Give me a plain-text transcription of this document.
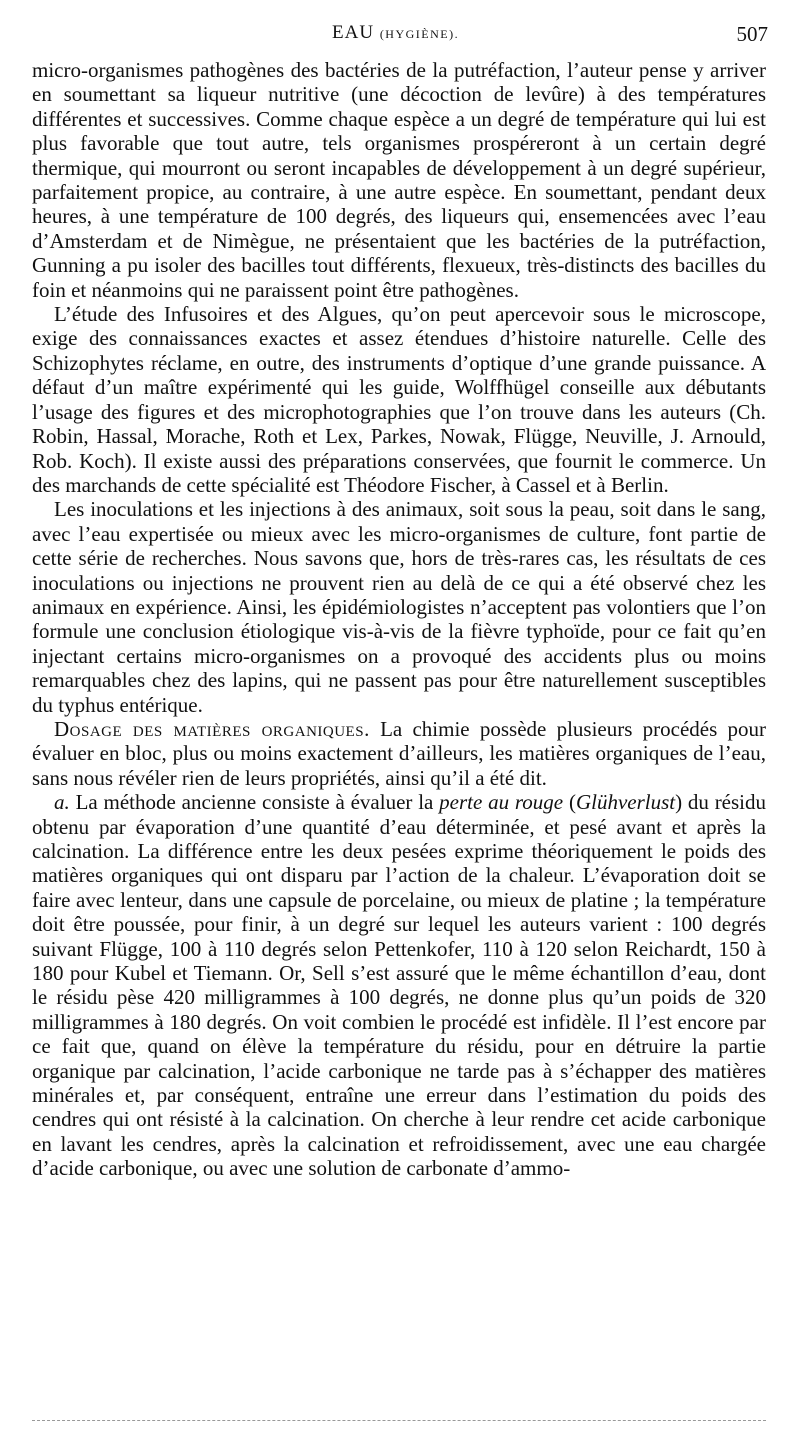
EAU (HYGIÈNE).	507

micro-organismes pathogènes des bactéries de la putréfaction, l’auteur pense y arriver en soumettant sa liqueur nutritive (une décoction de levûre) à des températures différentes et successives. Comme chaque espèce a un degré de température qui lui est plus favorable que tout autre, tels organismes prospéreront à un certain degré thermique, qui mourront ou seront incapables de développement à un degré supérieur, parfaitement propice, au contraire, à une autre espèce. En soumettant, pendant deux heures, à une température de 100 degrés, des liqueurs qui, ensemencées avec l’eau d’Amsterdam et de Nimègue, ne présentaient que les bactéries de la putréfaction, Gunning a pu isoler des bacilles tout différents, flexueux, très-distincts des bacilles du foin et néanmoins qui ne paraissent point être pathogènes.

L’étude des Infusoires et des Algues, qu’on peut apercevoir sous le microscope, exige des connaissances exactes et assez étendues d’histoire naturelle. Celle des Schizophytes réclame, en outre, des instruments d’optique d’une grande puissance. A défaut d’un maître expérimenté qui les guide, Wolffhügel conseille aux débutants l’usage des figures et des microphotographies que l’on trouve dans les auteurs (Ch. Robin, Hassal, Morache, Roth et Lex, Parkes, Nowak, Flügge, Neuville, J. Arnould, Rob. Koch). Il existe aussi des préparations conservées, que fournit le commerce. Un des marchands de cette spécialité est Théodore Fischer, à Cassel et à Berlin.

Les inoculations et les injections à des animaux, soit sous la peau, soit dans le sang, avec l’eau expertisée ou mieux avec les micro-organismes de culture, font partie de cette série de recherches. Nous savons que, hors de très-rares cas, les résultats de ces inoculations ou injections ne prouvent rien au delà de ce qui a été observé chez les animaux en expérience. Ainsi, les épidémiologistes n’acceptent pas volontiers que l’on formule une conclusion étiologique vis-à-vis de la fièvre typhoïde, pour ce fait qu’en injectant certains micro-organismes on a provoqué des accidents plus ou moins remarquables chez des lapins, qui ne passent pas pour être naturellement susceptibles du typhus entérique.

Dosage des matières organiques. La chimie possède plusieurs procédés pour évaluer en bloc, plus ou moins exactement d’ailleurs, les matières organiques de l’eau, sans nous révéler rien de leurs propriétés, ainsi qu’il a été dit.

a. La méthode ancienne consiste à évaluer la perte au rouge (Glühverlust) du résidu obtenu par évaporation d’une quantité d’eau déterminée, et pesé avant et après la calcination. La différence entre les deux pesées exprime théoriquement le poids des matières organiques qui ont disparu par l’action de la chaleur. L’évaporation doit se faire avec lenteur, dans une capsule de porcelaine, ou mieux de platine ; la température doit être poussée, pour finir, à un degré sur lequel les auteurs varient : 100 degrés suivant Flügge, 100 à 110 degrés selon Pettenkofer, 110 à 120 selon Reichardt, 150 à 180 pour Kubel et Tiemann. Or, Sell s’est assuré que le même échantillon d’eau, dont le résidu pèse 420 milligrammes à 100 degrés, ne donne plus qu’un poids de 320 milligrammes à 180 degrés. On voit combien le procédé est infidèle. Il l’est encore par ce fait que, quand on élève la température du résidu, pour en détruire la partie organique par calcination, l’acide carbonique ne tarde pas à s’échapper des matières minérales et, par conséquent, entraîne une erreur dans l’estimation du poids des cendres qui ont résisté à la calcination. On cherche à leur rendre cet acide carbonique en lavant les cendres, après la calcination et refroidissement, avec une eau chargée d’acide carbonique, ou avec une solution de carbonate d’ammo-
